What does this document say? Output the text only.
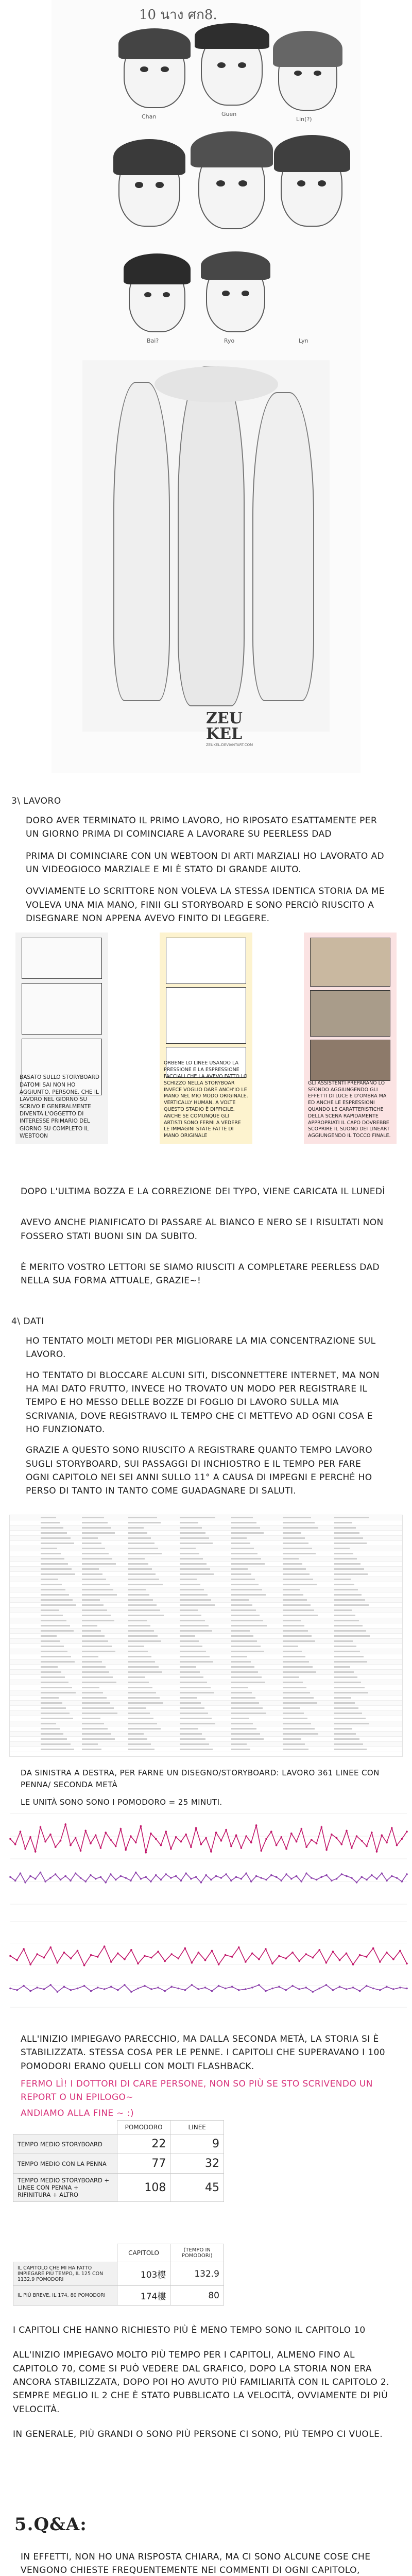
10 นาง ศก8.
Chan	Guen
Lin(?)
Bai?	Ryo	Lyn
ZEU
KEL
ZEUKEL.DEVIANTART.COM
3\ LAVORO

DORO AVER TERMINATO IL PRIMO LAVORO, HO RIPOSATO ESATTAMENTE PER UN GIORNO PRIMA DI COMINCIARE A LAVORARE SU PEERLESS DAD

PRIMA DI COMINCIARE CON UN WEBTOON DI ARTI MARZIALI HO LAVORATO AD UN VIDEOGIOCO MARZIALE E MI È STATO DI GRANDE AIUTO.

OVVIAMENTE LO SCRITTORE NON VOLEVA LA STESSA IDENTICA STORIA DA ME VOLEVA UNA MIA MANO, FINII GLI STORYBOARD E SONO PERCIÒ RIUSCITO A DISEGNARE NON APPENA AVEVO FINITO DI LEGGERE.

BASATO SULLO STORYBOARD DATOMI SAI NON HO AGGIUNTO, PERSONE. CHE IL LAVORO NEL GIORNO SU SCRIVO E GENERALMENTE DIVENTA L'OGGETTO DI INTERESSE PRIMARIO DEL GIORNO SU COMPLETO IL WEBTOON
ORBENE LO LINEE USANDO LA PRESSIONE E LA ESPRESSIONE FACCIALI CHE LA AVEVO FATTO LO SCHIZZO NELLA STORYBOAR INVECE VOGLIO DARE ANCH'IO LE MANO NEL MIO MODO ORIGINALE. VERTICALLY HUMAN. A VOLTE QUESTO STADIO È DIFFICILE. ANCHE SE COMUNQUE GLI ARTISTI SONO FERMI A VEDERE LE IMMAGINI STATE FATTE DI MANO ORIGINALE
GLI ASSISTENTI PREPARANO LO SFONDO AGGIUNGENDO GLI EFFETTI DI LUCE E D'OMBRA MA ED ANCHE LE ESPRESSIONI QUANDO LE CARATTERISTICHE DELLA SCENA RAPIDAMENTE APPROPRIATI IL CAPO DOVREBBE SCOPRIRE IL SUONO DEI LINEART AGGIUNGENDO IL TOCCO FINALE.

DOPO L'ULTIMA BOZZA E LA CORREZIONE DEI TYPO, VIENE CARICATA IL LUNEDÌ

AVEVO ANCHE PIANIFICATO DI PASSARE AL BIANCO E NERO SE I RISULTATI NON FOSSERO STATI BUONI SIN DA SUBITO.

È MERITO VOSTRO LETTORI SE SIAMO RIUSCITI A COMPLETARE PEERLESS DAD NELLA SUA FORMA ATTUALE, GRAZIE~!

4\ DATI

HO TENTATO MOLTI METODI PER MIGLIORARE LA MIA CONCENTRAZIONE SUL LAVORO.

HO TENTATO DI BLOCCARE ALCUNI SITI, DISCONNETTERE INTERNET, MA NON HA MAI DATO FRUTTO, INVECE HO TROVATO UN MODO PER REGISTRARE IL TEMPO E HO MESSO DELLE BOZZE DI FOGLIO DI LAVORO SULLA MIA SCRIVANIA, DOVE REGISTRAVO IL TEMPO CHE CI METTEVO AD OGNI COSA E HO FUNZIONATO.

GRAZIE A QUESTO SONO RIUSCITO A REGISTRARE QUANTO TEMPO LAVORO SUGLI STORYBOARD, SUI PASSAGGI DI INCHIOSTRO E IL TEMPO PER FARE OGNI CAPITOLO NEI SEI ANNI SULLO 11° A CAUSA DI IMPEGNI E PERCHÉ HO PERSO DI TANTO IN TANTO COME GUADAGNARE DI SALUTI.

DA SINISTRA A DESTRA, PER FARNE UN DISEGNO/STORYBOARD: LAVORO 361 LINEE CON PENNA/ SECONDA METÀ

LE UNITÀ SONO SONO I POMODORO = 25 MINUTI.

ALL'INIZIO IMPIEGAVO PARECCHIO, MA DALLA SECONDA METÀ, LA STORIA SI È STABILIZZATA. STESSA COSA PER LE PENNE. I CAPITOLI CHE SUPERAVANO I 100 POMODORI ERANO QUELLI CON MOLTI FLASHBACK.

FERMO LÌ! I DOTTORI DI CARE PERSONE, NON SO PIÙ SE STO SCRIVENDO UN REPORT O UN EPILOGO~

ANDIAMO ALLA FINE ~ :)

	POMODORO	LINEE
TEMPO MEDIO STORYBOARD	22	9
TEMPO MEDIO CON LA PENNA	77	32
TEMPO MEDIO STORYBOARD + LINEE CON PENNA + RIFINITURA + ALTRO	108	45
	CAPITOLO	(TEMPO IN POMODORI)
IL CAPITOLO CHE MI HA FATTO IMPIEGARE PIÙ TEMPO, IL 125 CON 1132.9 POMODORI	103樓	132.9
IL PIÙ BREVE, IL 174, 80 POMODORI	174樓	80

I CAPITOLI CHE HANNO RICHIESTO PIÙ È MENO TEMPO SONO IL CAPITOLO 10

ALL'INIZIO IMPIEGAVO MOLTO PIÙ TEMPO PER I CAPITOLI, ALMENO FINO AL CAPITOLO 70, COME SI PUÒ VEDERE DAL GRAFICO, DOPO LA STORIA NON ERA ANCORA STABILIZZATA, DOPO POI HO AVUTO PIÙ FAMILIARITÀ CON IL CAPITOLO 2. SEMPRE MEGLIO IL 2 CHE È STATO PUBBLICATO LA VELOCITÀ, OVVIAMENTE DI PIÙ VELOCITÀ.

IN GENERALE, PIÙ GRANDI O SONO PIÙ PERSONE CI SONO, PIÙ TEMPO CI VUOLE.

5.Q&A:

IN EFFETTI, NON HO UNA RISPOSTA CHIARA, MA CI SONO ALCUNE COSE CHE VENGONO CHIESTE FREQUENTEMENTE NEI COMMENTI DI OGNI CAPITOLO,
